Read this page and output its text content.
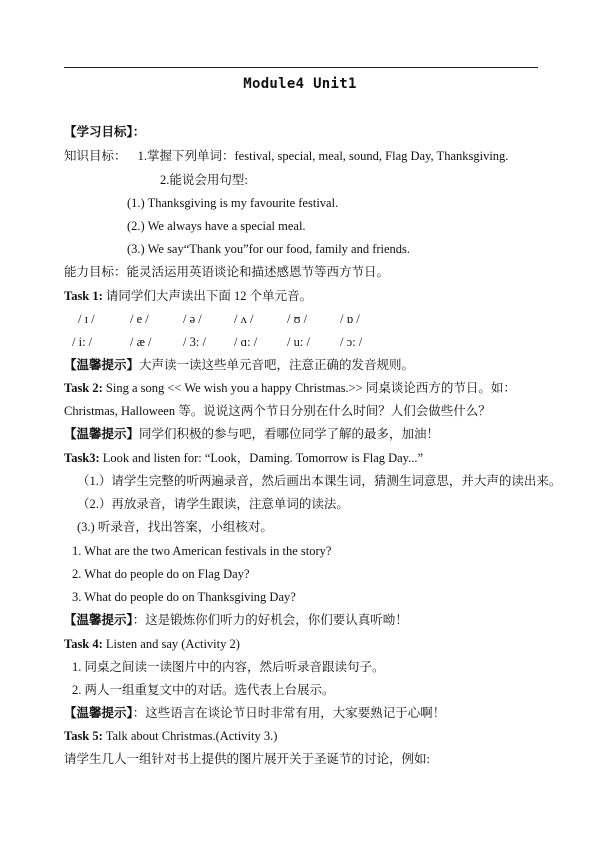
Module4 Unit1
【学习目标】：
知识目标： 1.掌握下列单词：festival, special, meal, sound, Flag Day, Thanksgiving.
2.能说会用句型:
(1.) Thanksgiving is my favourite festival.
(2.) We always have a special meal.
(3.) We say“Thank you”for our food, family and friends.
能力目标：能灵活运用英语谈论和描述感恩节等西方节日。
Task 1: 请同学们大声读出下面 12 个单元音。
/ ɪ /	/ e /	/ ə /	/ ʌ /	/ ʊ /	/ ɒ /
/ i: /	/ æ /	/ 3: / / ɑ: / / u: / / ɔ: /
【温馨提示】大声读一读这些单元音吧，注意正确的发音规则。
Task 2: Sing a song << We wish you a happy Christmas.>> 同桌谈论西方的节日。如：
Christmas, Halloween 等。说说这两个节日分别在什么时间？人们会做些什么？
【温馨提示】同学们积极的参与吧，看哪位同学了解的最多，加油！
Task3: Look and listen for: “Look，Daming. Tomorrow is Flag Day...”
（1.）请学生完整的听两遍录音，然后画出本课生词，猜测生词意思，并大声的读出来。
（2.）再放录音，请学生跟读，注意单词的读法。
(3.) 听录音，找出答案，小组核对。
1. What are the two American festivals in the story?
2. What do people do on Flag Day?
3. What do people do on Thanksgiving Day?
【温馨提示】：这是锻炼你们听力的好机会，你们要认真听呦！
Task 4: Listen and say (Activity 2)
1. 同桌之间读一读图片中的内容，然后听录音跟读句子。
2. 两人一组重复文中的对话。选代表上台展示。
【温馨提示】：这些语言在谈论节日时非常有用，大家要熟记于心啊！
Task 5: Talk about Christmas.(Activity 3.)
请学生几人一组针对书上提供的图片展开关于圣诞节的讨论，例如:
